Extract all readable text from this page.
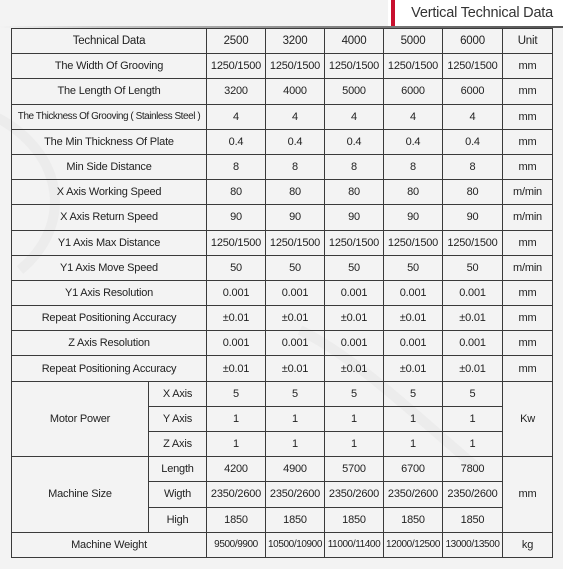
Vertical Technical Data
Technical Data		2500	3200	4000	5000	6000	Unit
The Width Of Grooving		1250/1500	1250/1500	1250/1500	1250/1500	1250/1500	mm
The Length Of Length		3200	4000	5000	6000	6000	mm
The Thickness Of Grooving ( Stainless Steel )		4	4	4	4	4	mm
The Min Thickness Of Plate		0.4	0.4	0.4	0.4	0.4	mm
Min Side Distance		8	8	8	8	8	mm
X Axis Working Speed		80	80	80	80	80	m/min
X Axis Return Speed		90	90	90	90	90	m/min
Y1 Axis Max Distance		1250/1500	1250/1500	1250/1500	1250/1500	1250/1500	mm
Y1 Axis Move Speed		50	50	50	50	50	m/min
Y1 Axis Resolution		0.001	0.001	0.001	0.001	0.001	mm
Repeat Positioning Accuracy		±0.01	±0.01	±0.01	±0.01	±0.01	mm
Z Axis Resolution		0.001	0.001	0.001	0.001	0.001	mm
Repeat Positioning Accuracy		±0.01	±0.01	±0.01	±0.01	±0.01	mm
Motor Power	X Axis	5	5	5	5	5	Kw
	Y Axis	1	1	1	1	1	
	Z Axis	1	1	1	1	1	
Machine Size	Length	4200	4900	5700	6700	7800	mm
	Wigth	2350/2600	2350/2600	2350/2600	2350/2600	2350/2600	
	High	1850	1850	1850	1850	1850	
Machine Weight		9500/9900	10500/10900	11000/11400	12000/12500	13000/13500	kg
